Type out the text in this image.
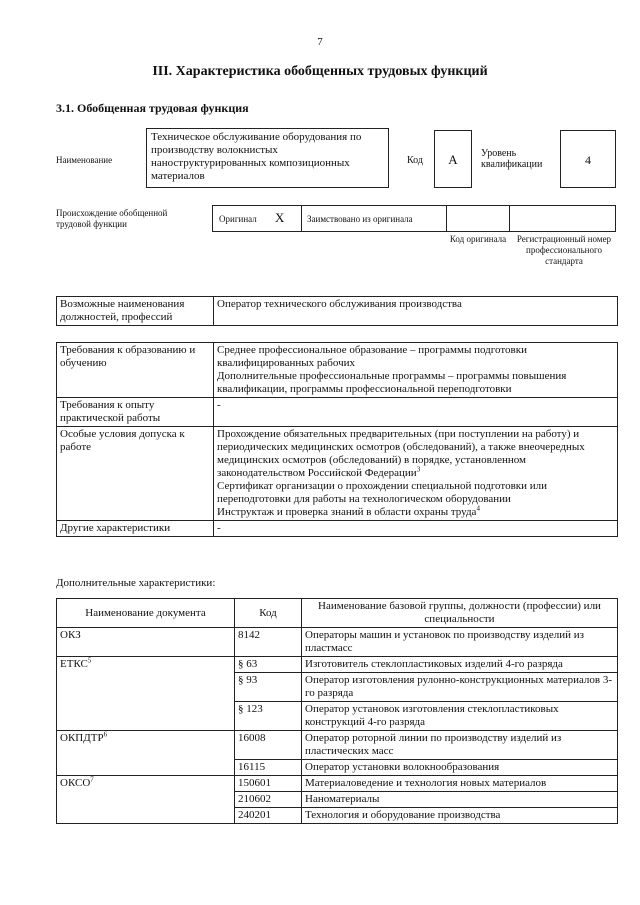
7
III. Характеристика обобщенных трудовых функций
3.1. Обобщенная трудовая функция
Наименование
Техническое обслуживание оборудования по производству волокнистых наноструктурированных композиционных материалов
Код	А	Уровень квалификации	4
Происхождение обобщенной трудовой функции	Оригинал X	Заимствовано из оригинала
Код оригинала	Регистрационный номер профессионального стандарта
Возможные наименования должностей, профессий	Оператор технического обслуживания производства
Требования к образованию и обучению	Среднее профессиональное образование – программы подготовки квалифицированных рабочих
Дополнительные профессиональные программы – программы повышения квалификации, программы профессиональной переподготовки

Требования к опыту практической работы	-
Особые условия допуска к работе	Прохождение обязательных предварительных (при поступлении на работу) и периодических медицинских осмотров (обследований), а также внеочередных медицинских осмотров (обследований) в порядке, установленном законодательством Российской Федерации$^3$
Сертификат организации о прохождении специальной подготовки или переподготовки для работы на технологическом оборудовании
Инструктаж и проверка знаний в области охраны труда$^4$

Другие характеристики	-
Дополнительные характеристики:
Наименование документа	Код	Наименование базовой группы, должности (профессии) или специальности
ОКЗ	8142	Операторы машин и установок по производству изделий из пластмасс
ЕТКС$^5$	§ 63	Изготовитель стеклопластиковых изделий 4-го разряда
	§ 93	Оператор изготовления рулонно-конструкционных материалов 3-го разряда
	§ 123	Оператор установок изготовления стеклопластиковых конструкций 4-го разряда
ОКПДТР$^6$	16008	Оператор роторной линии по производству изделий из пластических масс
	16115	Оператор установки волокнообразования
ОКСО$^7$	150601	Материаловедение и технология новых материалов
	210602	Наноматериалы
	240201	Технология и оборудование производства
